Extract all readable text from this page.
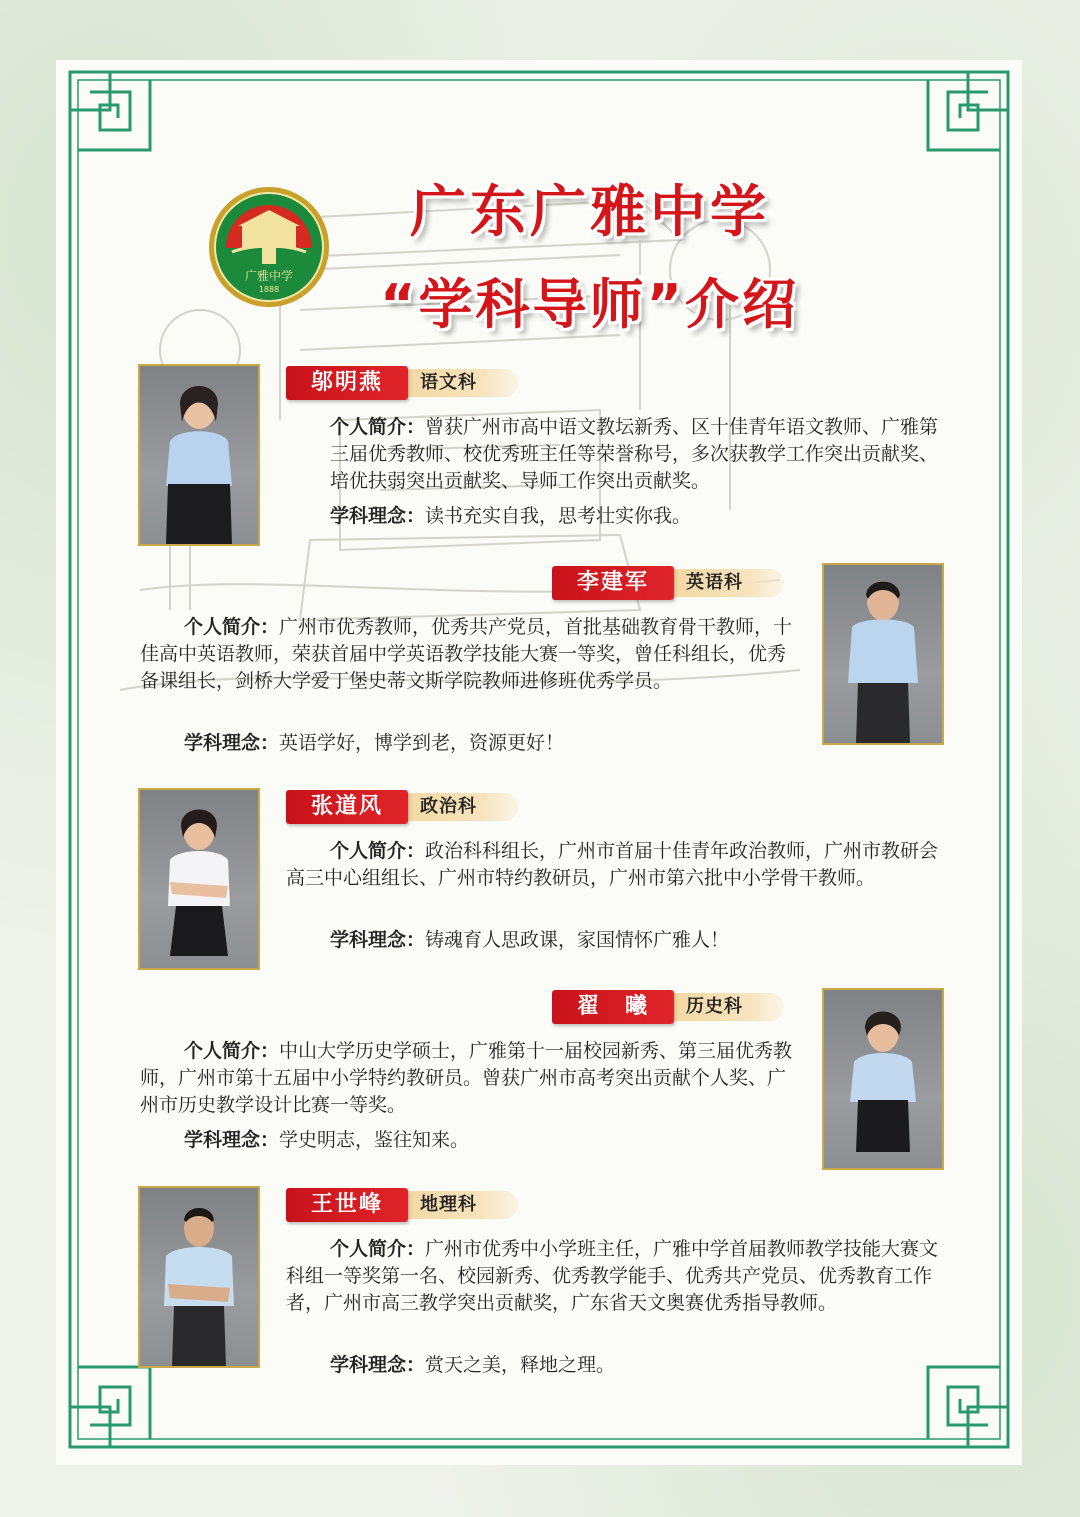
广雅中学
1888
广东广雅中学
“学科导师”介绍
语文科
邬明燕

个人简介：曾获广州市高中语文教坛新秀、区十佳青年语文教师、广雅第三届优秀教师、校优秀班主任等荣誉称号，多次获教学工作突出贡献奖、培优扶弱突出贡献奖、导师工作突出贡献奖。

学科理念：读书充实自我，思考壮实你我。

英语科
李建军

个人简介：广州市优秀教师，优秀共产党员，首批基础教育骨干教师，十佳高中英语教师，荣获首届中学英语教学技能大赛一等奖，曾任科组长，优秀备课组长，剑桥大学爱丁堡史蒂文斯学院教师进修班优秀学员。

学科理念：英语学好，博学到老，资源更好！

政治科
张道风

个人简介：政治科科组长，广州市首届十佳青年政治教师，广州市教研会高三中心组组长、广州市特约教研员，广州市第六批中小学骨干教师。

学科理念：铸魂育人思政课，家国情怀广雅人！

历史科
翟　曦

个人简介：中山大学历史学硕士，广雅第十一届校园新秀、第三届优秀教师，广州市第十五届中小学特约教研员。曾获广州市高考突出贡献个人奖、广州市历史教学设计比赛一等奖。

学科理念：学史明志，鉴往知来。

地理科
王世峰

个人简介：广州市优秀中小学班主任，广雅中学首届教师教学技能大赛文科组一等奖第一名、校园新秀、优秀教学能手、优秀共产党员、优秀教育工作者，广州市高三教学突出贡献奖，广东省天文奥赛优秀指导教师。

学科理念：赏天之美，释地之理。
